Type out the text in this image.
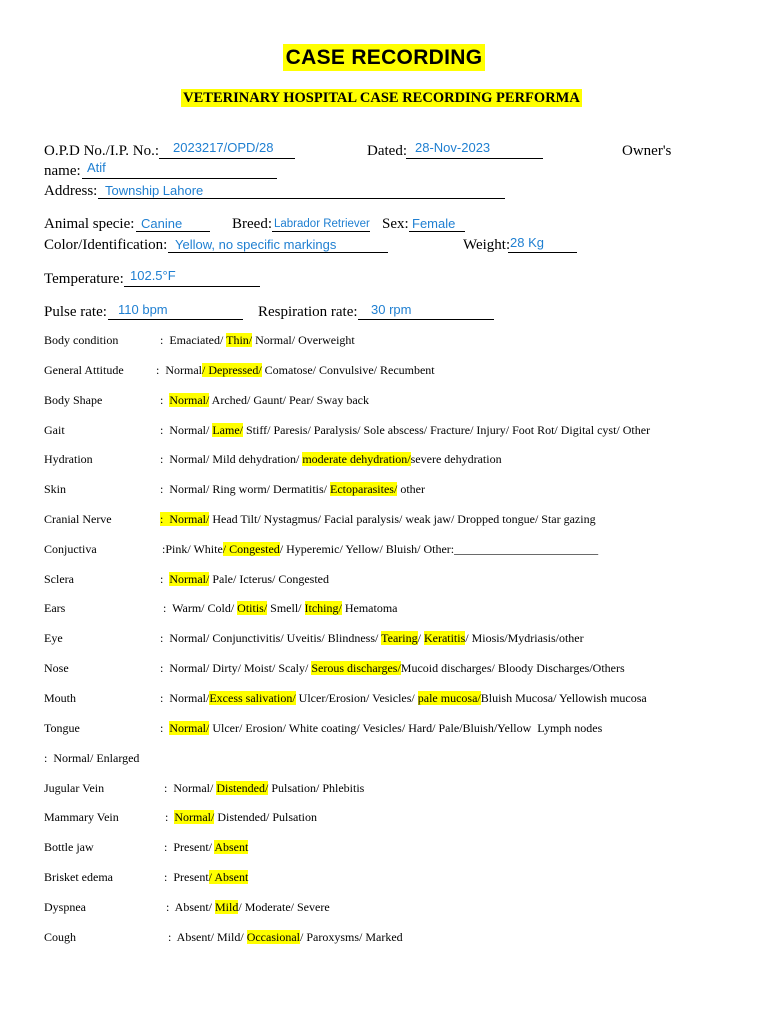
CASE RECORDING
VETERINARY HOSPITAL CASE RECORDING PERFORMA
O.P.D No./I.P. No.: 2023217/OPD/28	Dated: 28-Nov-2023	Owner's
name: Atif
Address: Township Lahore
Animal specie: Canine	Breed: Labrador Retriever Sex: Female
Color/Identification: Yellow, no specific markings	Weight: 28 Kg
Temperature: 102.5°F
Pulse rate: 110 bpm	Respiration rate: 30 rpm
Body condition	:  Emaciated/ Thin/ Normal/ Overweight
General Attitude	:  Normal/ Depressed/ Comatose/ Convulsive/ Recumbent
Body Shape	:  Normal/ Arched/ Gaunt/ Pear/ Sway back
Gait	:  Normal/ Lame/ Stiff/ Paresis/ Paralysis/ Sole abscess/ Fracture/ Injury/ Foot Rot/ Digital cyst/ Other
Hydration	:  Normal/ Mild dehydration/ moderate dehydration/severe dehydration
Skin	:  Normal/ Ring worm/ Dermatitis/ Ectoparasites/ other
Cranial Nerve	:  Normal/ Head Tilt/ Nystagmus/ Facial paralysis/ weak jaw/ Dropped tongue/ Star gazing
Conjuctiva	:Pink/ White/ Congested/ Hyperemic/ Yellow/ Bluish/ Other:________________________
Sclera	:  Normal/ Pale/ Icterus/ Congested
Ears	:  Warm/ Cold/ Otitis/ Smell/ Itching/ Hematoma
Eye	:  Normal/ Conjunctivitis/ Uveitis/ Blindness/ Tearing/ Keratitis/ Miosis/Mydriasis/other
Nose	:  Normal/ Dirty/ Moist/ Scaly/ Serous discharges/Mucoid discharges/ Bloody Discharges/Others
Mouth	:  Normal/Excess salivation/ Ulcer/Erosion/ Vesicles/ pale mucosa/Bluish Mucosa/ Yellowish mucosa
Tongue	:  Normal/ Ulcer/ Erosion/ White coating/ Vesicles/ Hard/ Pale/Bluish/Yellow  Lymph nodes
:  Normal/ Enlarged
Jugular Vein	:  Normal/ Distended/ Pulsation/ Phlebitis
Mammary Vein	:  Normal/ Distended/ Pulsation
Bottle jaw	:  Present/ Absent
Brisket edema	:  Present/ Absent
Dyspnea	:  Absent/ Mild/ Moderate/ Severe
Cough	:  Absent/ Mild/ Occasional/ Paroxysms/ Marked
